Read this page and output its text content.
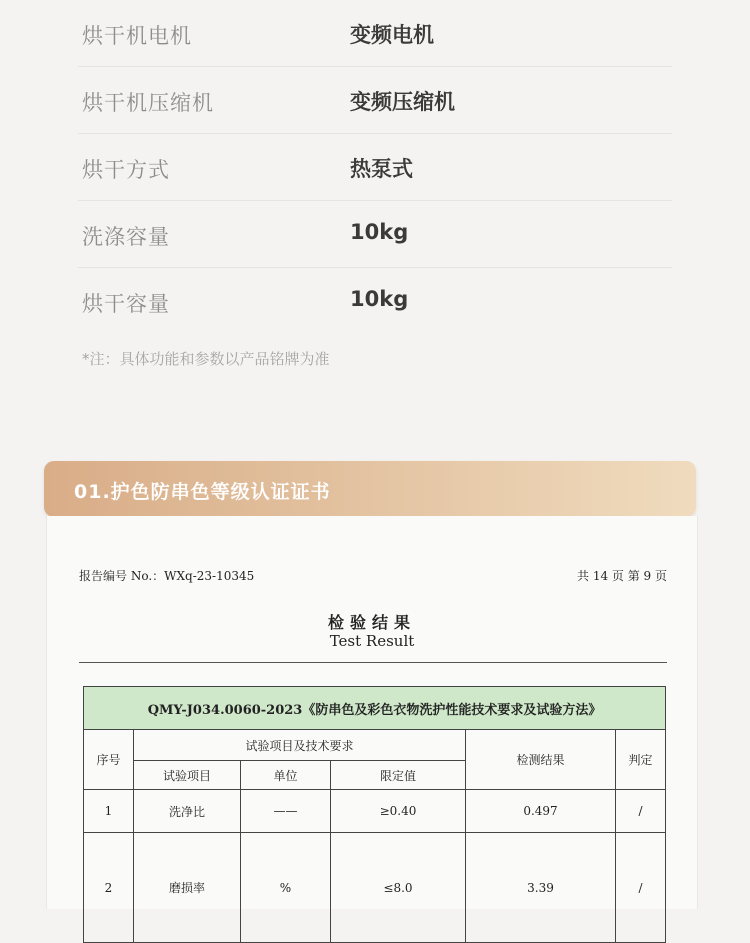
烘干机电机	变频电机
烘干机压缩机	变频压缩机
烘干方式	热泵式
洗涤容量	10kg
烘干容量	10kg
*注：具体功能和参数以产品铭牌为准
01.护色防串色等级认证证书
报告编号 No.：WXq-23-10345	共 14 页 第 9 页
检验结果
Test Result
QMY-J034.0060-2023《防串色及彩色衣物洗护性能技术要求及试验方法》					
序号	试验项目及技术要求			检测结果	判定
	试验项目	单位	限定值		
1	洗净比	——	≥0.40	0.497	/
2	磨损率	%	≤8.0	3.39	/
